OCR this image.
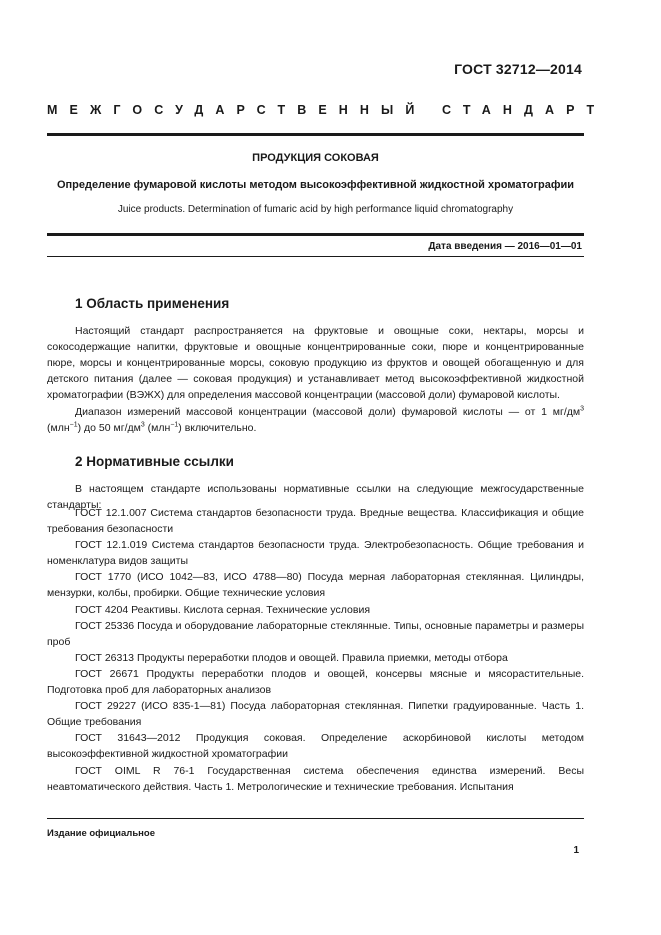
ГОСТ 32712—2014
МЕЖГОСУДАРСТВЕННЫЙ СТАНДАРТ
ПРОДУКЦИЯ СОКОВАЯ
Определение фумаровой кислоты методом высокоэффективной жидкостной хроматографии
Juice products. Determination of fumaric acid by high performance liquid chromatography
Дата введения — 2016—01—01
1 Область применения

Настоящий стандарт распространяется на фруктовые и овощные соки, нектары, морсы и сокосодержащие напитки, фруктовые и овощные концентрированные соки, пюре и концентрированные пюре, морсы и концентрированные морсы, соковую продукцию из фруктов и овощей обогащенную и для детского питания (далее — соковая продукция) и устанавливает метод высокоэффективной жидкостной хроматографии (ВЭЖХ) для определения массовой концентрации (массовой доли) фумаровой кислоты.

Диапазон измерений массовой концентрации (массовой доли) фумаровой кислоты — от 1 $мг/дм^3$ (млн$^{-1}$) до 50 $мг/дм^3$ (млн$^{-1}$) включительно.

2 Нормативные ссылки

В настоящем стандарте использованы нормативные ссылки на следующие межгосударственные стандарты:

ГОСТ 12.1.007 Система стандартов безопасности труда. Вредные вещества. Классификация и общие требования безопасности

ГОСТ 12.1.019 Система стандартов безопасности труда. Электробезопасность. Общие требования и номенклатура видов защиты

ГОСТ 1770 (ИСО 1042—83, ИСО 4788—80) Посуда мерная лабораторная стеклянная. Цилиндры, мензурки, колбы, пробирки. Общие технические условия

ГОСТ 4204 Реактивы. Кислота серная. Технические условия

ГОСТ 25336 Посуда и оборудование лабораторные стеклянные. Типы, основные параметры и размеры проб

ГОСТ 26313 Продукты переработки плодов и овощей. Правила приемки, методы отбора

ГОСТ 26671 Продукты переработки плодов и овощей, консервы мясные и мясорастительные. Подготовка проб для лабораторных анализов

ГОСТ 29227 (ИСО 835-1—81) Посуда лабораторная стеклянная. Пипетки градуированные. Часть 1. Общие требования

ГОСТ 31643—2012 Продукция соковая. Определение аскорбиновой кислоты методом высокоэффективной жидкостной хроматографии

ГОСТ OIML R 76-1 Государственная система обеспечения единства измерений. Весы неавтоматического действия. Часть 1. Метрологические и технические требования. Испытания

Издание официальное
1
